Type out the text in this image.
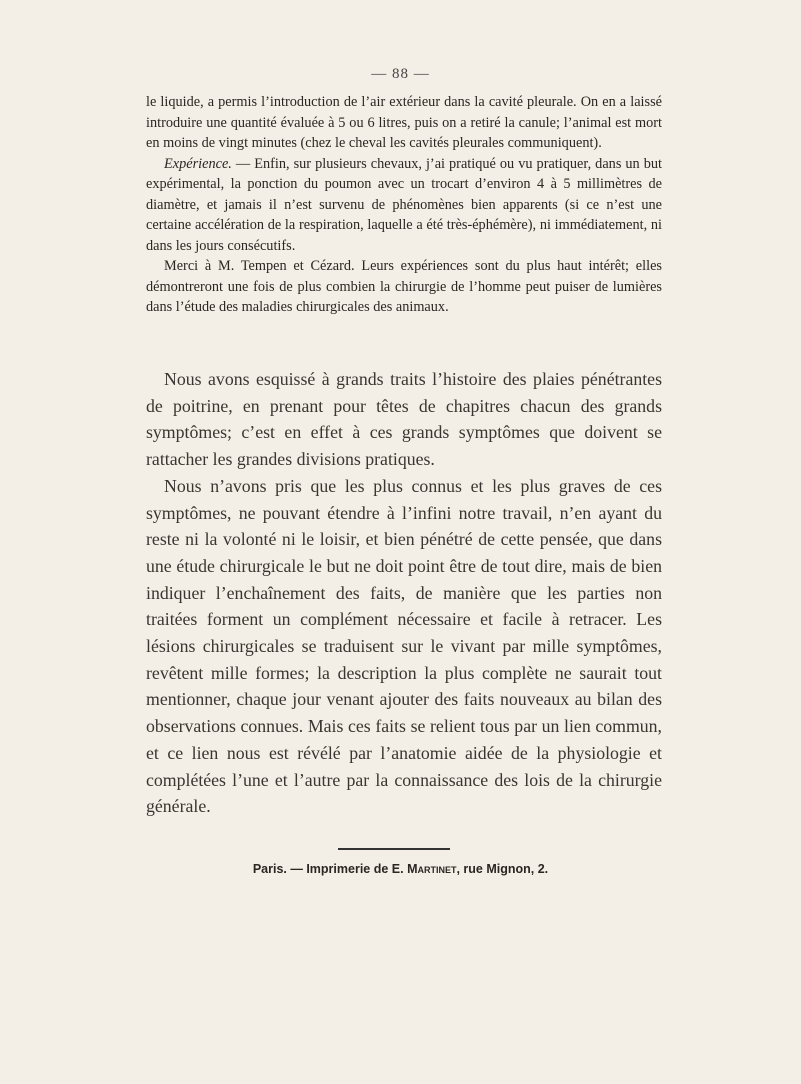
— 88 —

le liquide, a permis l’introduction de l’air extérieur dans la cavité pleurale. On en a laissé introduire une quantité évaluée à 5 ou 6 litres, puis on a retiré la canule; l’animal est mort en moins de vingt minutes (chez le cheval les cavités pleurales communiquent).

Expérience. — Enfin, sur plusieurs chevaux, j’ai pratiqué ou vu pratiquer, dans un but expérimental, la ponction du poumon avec un trocart d’environ 4 à 5 millimètres de diamètre, et jamais il n’est survenu de phénomènes bien apparents (si ce n’est une certaine accélération de la respiration, laquelle a été très-éphémère), ni immédiatement, ni dans les jours consécutifs.

Merci à M. Tempen et Cézard. Leurs expériences sont du plus haut intérêt; elles démontreront une fois de plus combien la chirurgie de l’homme peut puiser de lumières dans l’étude des maladies chirurgicales des animaux.

Nous avons esquissé à grands traits l’histoire des plaies pénétrantes de poitrine, en prenant pour têtes de chapitres chacun des grands symptômes; c’est en effet à ces grands symptômes que doivent se rattacher les grandes divisions pratiques.

Nous n’avons pris que les plus connus et les plus graves de ces symptômes, ne pouvant étendre à l’infini notre travail, n’en ayant du reste ni la volonté ni le loisir, et bien pénétré de cette pensée, que dans une étude chirurgicale le but ne doit point être de tout dire, mais de bien indiquer l’enchaînement des faits, de manière que les parties non traitées forment un complément nécessaire et facile à retracer. Les lésions chirurgicales se traduisent sur le vivant par mille symptômes, revêtent mille formes; la description la plus complète ne saurait tout mentionner, chaque jour venant ajouter des faits nouveaux au bilan des observations connues. Mais ces faits se relient tous par un lien commun, et ce lien nous est révélé par l’anatomie aidée de la physiologie et complétées l’une et l’autre par la connaissance des lois de la chirurgie générale.

Paris. — Imprimerie de E. Martinet, rue Mignon, 2.
